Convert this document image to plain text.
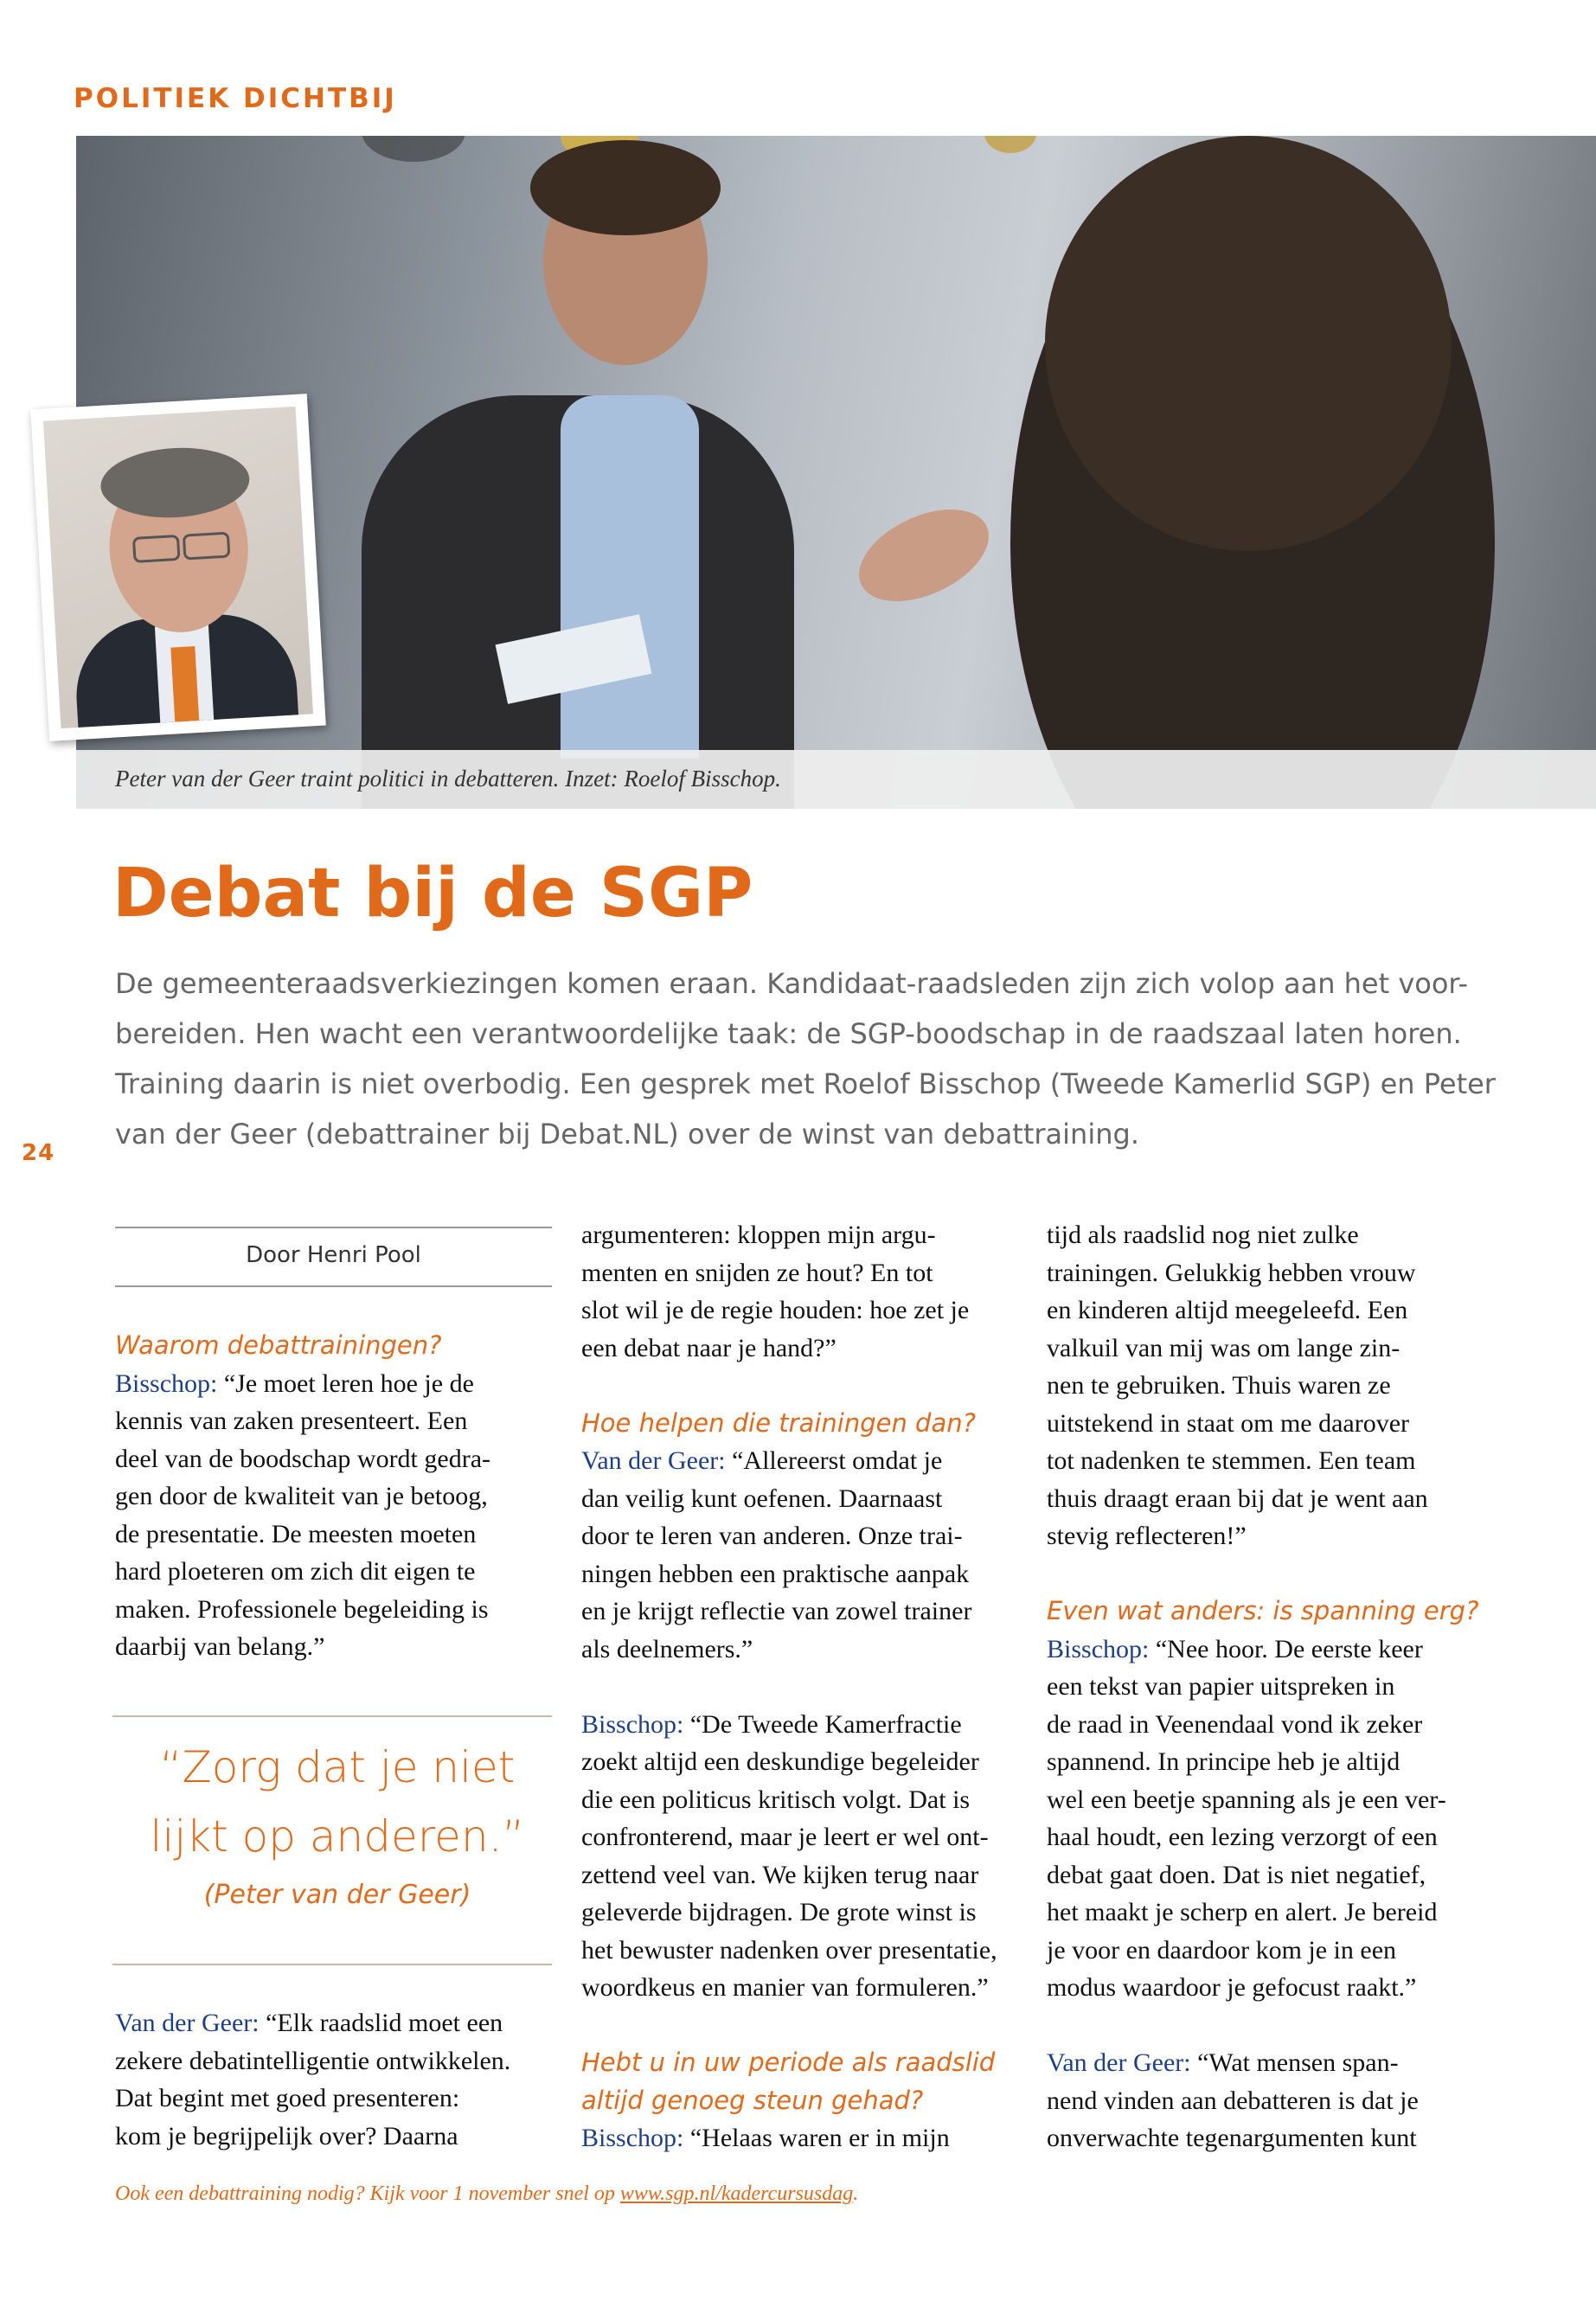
POLITIEK DICHTBIJ
Peter van der Geer traint politici in debatteren. Inzet: Roelof Bisschop.
Debat bij de SGP

De gemeenteraadsverkiezingen komen eraan. Kandidaat-raadsleden zijn zich volop aan het voor-

bereiden. Hen wacht een verantwoordelijke taak: de SGP-boodschap in de raadszaal laten horen.

Training daarin is niet overbodig. Een gesprek met Roelof Bisschop (Tweede Kamerlid SGP) en Peter

van der Geer (debattrainer bij Debat.NL) over de winst van debattraining.

24
Door Henri Pool
Waarom debattrainingen?
Bisschop: “Je moet leren hoe je de
kennis van zaken presenteert. Een
deel van de boodschap wordt gedra-
gen door de kwaliteit van je betoog,
de presentatie. De meesten moeten
hard ploeteren om zich dit eigen te
maken. Professionele begeleiding is
daarbij van belang.”
“Zorg dat je niet
lijkt op anderen.”
(Peter van der Geer)
Van der Geer: “Elk raadslid moet een
zekere debatintelligentie ontwikkelen.
Dat begint met goed presenteren:
kom je begrijpelijk over? Daarna
argumenteren: kloppen mijn argu-
menten en snijden ze hout? En tot
slot wil je de regie houden: hoe zet je
een debat naar je hand?”
Hoe helpen die trainingen dan?
Van der Geer: “Allereerst omdat je
dan veilig kunt oefenen. Daarnaast
door te leren van anderen. Onze trai-
ningen hebben een praktische aanpak
en je krijgt reflectie van zowel trainer
als deelnemers.”
Bisschop: “De Tweede Kamerfractie
zoekt altijd een deskundige begeleider
die een politicus kritisch volgt. Dat is
confronterend, maar je leert er wel ont-
zettend veel van. We kijken terug naar
geleverde bijdragen. De grote winst is
het bewuster nadenken over presentatie,
woordkeus en manier van formuleren.”
Hebt u in uw periode als raadslid
altijd genoeg steun gehad?
Bisschop: “Helaas waren er in mijn
tijd als raadslid nog niet zulke
trainingen. Gelukkig hebben vrouw
en kinderen altijd meegeleefd. Een
valkuil van mij was om lange zin-
nen te gebruiken. Thuis waren ze
uitstekend in staat om me daarover
tot nadenken te stemmen. Een team
thuis draagt eraan bij dat je went aan
stevig reflecteren!”
Even wat anders: is spanning erg?
Bisschop: “Nee hoor. De eerste keer
een tekst van papier uitspreken in
de raad in Veenendaal vond ik zeker
spannend. In principe heb je altijd
wel een beetje spanning als je een ver-
haal houdt, een lezing verzorgt of een
debat gaat doen. Dat is niet negatief,
het maakt je scherp en alert. Je bereid
je voor en daardoor kom je in een
modus waardoor je gefocust raakt.”
Van der Geer: “Wat mensen span-
nend vinden aan debatteren is dat je
onverwachte tegenargumenten kunt
Ook een debattraining nodig? Kijk voor 1 november snel op www.sgp.nl/kadercursusdag.
